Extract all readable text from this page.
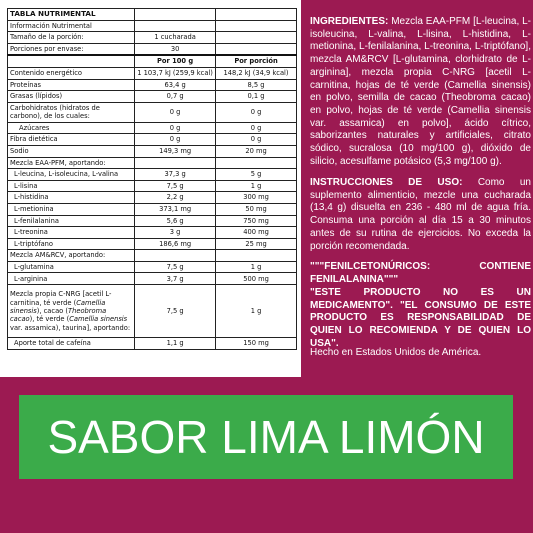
TABLA NUTRIMENTAL		
Información Nutrimental		
Tamaño de la porción:	1 cucharada	
Porciones por envase:	30	
	Por 100 g	Por porción
Contenido energético	1 103,7 kJ (259,9 kcal)	148,2 kJ (34,9 kcal)
Proteínas	63,4 g	8,5 g
Grasas (lípidos)	0,7 g	0,1 g
Carbohidratos (hidratos de carbono), de los cuales:	0 g	0 g
Azúcares	0 g	0 g
Fibra dietética	0 g	0 g
Sodio	149,3 mg	20 mg
Mezcla EAA-PFM, aportando:		
L-leucina, L-isoleucina, L-valina	37,3 g	5 g
L-lisina	7,5 g	1 g
L-histidina	2,2 g	300 mg
L-metionina	373,1 mg	50 mg
L-fenilalanina	5,6 g	750 mg
L-treonina	3 g	400 mg
L-triptófano	186,6 mg	25 mg
Mezcla AM&RCV, aportando:		
L-glutamina	7,5 g	1 g
L-arginina	3,7 g	500 mg
Mezcla propia C-NRG [acetil L-carnitina, té verde (Camellia sinensis), cacao (Theobroma cacao), té verde (Camellia sinensis var. assamica), taurina], aportando:	7,5 g	1 g
Aporte total de cafeína	1,1 g	150 mg

INGREDIENTES: Mezcla EAA-PFM [L-leucina, L-isoleucina, L-valina, L-lisina, L-histidina, L-metionina, L-fenilalanina, L-treonina, L-triptófano], mezcla AM&RCV [L-glutamina, clorhidrato de L-arginina], mezcla propia C-NRG [acetil L-carnitina, hojas de té verde (Camellia sinensis) en polvo, semilla de cacao (Theobroma cacao) en polvo, hojas de té verde (Camellia sinensis var. assamica) en polvo], ácido cítrico, saborizantes naturales y artificiales, citrato sódico, sucralosa (10 mg/100 g), dióxido de silicio, acesulfame potásico (5,3 mg/100 g).

INSTRUCCIONES DE USO: Como un suplemento alimenticio, mezcle una cucharada (13,4 g) disuelta en 236 - 480 ml de agua fría. Consuma una porción al día 15 a 30 minutos antes de su rutina de ejercicios. No exceda la porción recomendada.

"""FENILCETONÚRICOS: CONTIENE FENILALANINA"""

"ESTE PRODUCTO NO ES UN MEDICAMENTO". "EL CONSUMO DE ESTE PRODUCTO ES RESPONSABILIDAD DE QUIEN LO RECOMIENDA Y DE QUIEN LO USA".

Hecho en Estados Unidos de América.

SABOR LIMA LIMÓN
